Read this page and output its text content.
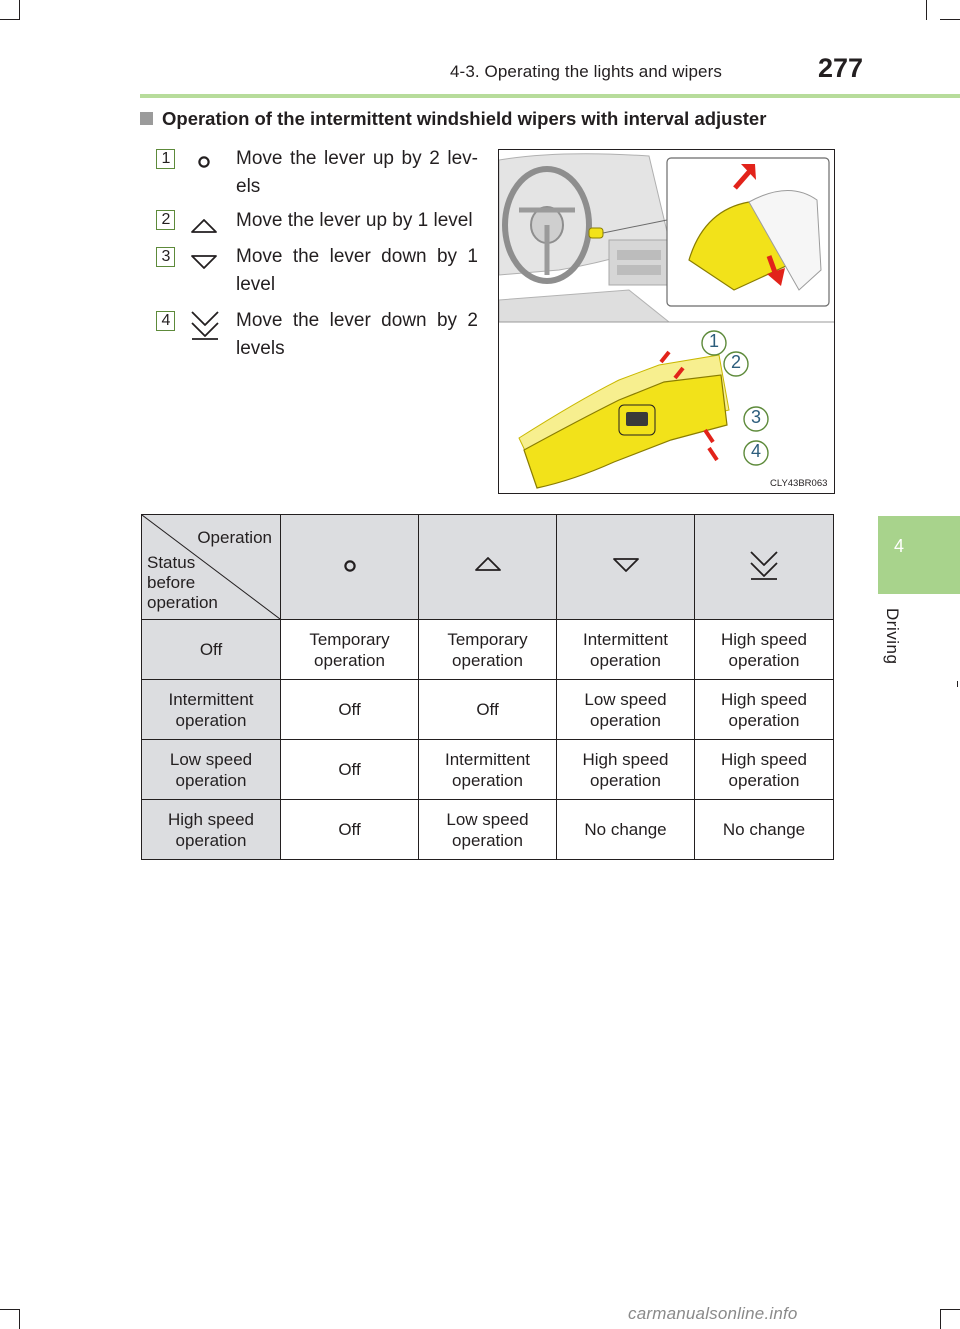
4-3. Operating the lights and wipers	277
4
Driving
Operation of the intermittent windshield wipers with interval adjuster
1	Move the lever up by 2 lev-els
2	Move the lever up by 1 level
3	Move the lever down by 1 level
4	Move the lever down by 2 levels	1
2
3
4
CLY43BR063
Operation
Status before operation

Off	Temporary operation	Temporary operation	Intermittent operation	High speed operation
Intermittent operation	Off	Off	Low speed operation	High speed operation
Low speed operation	Off	Intermittent operation	High speed operation	High speed operation
High speed operation	Off	Low speed operation	No change	No change
carmanualsonline.info
